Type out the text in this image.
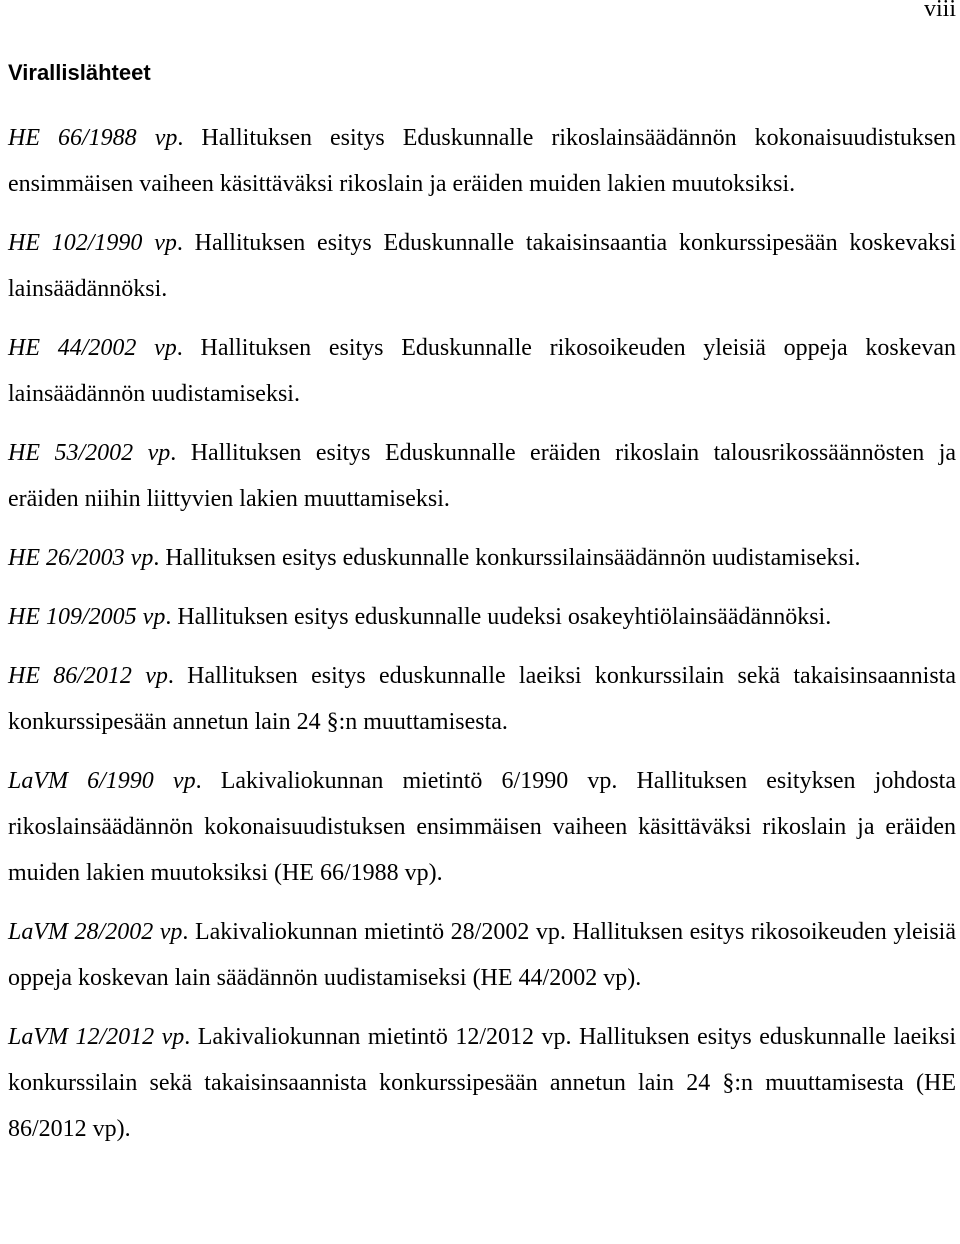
viii
Virallislähteet
HE 66/1988 vp. Hallituksen esitys Eduskunnalle rikoslainsäädännön kokonaisuudistuksen ensimmäisen vaiheen käsittäväksi rikoslain ja eräiden muiden lakien muutoksiksi.
HE 102/1990 vp. Hallituksen esitys Eduskunnalle takaisinsaantia konkurssipesään koskevaksi lainsäädännöksi.
HE 44/2002 vp. Hallituksen esitys Eduskunnalle rikosoikeuden yleisiä oppeja koskevan lainsäädännön uudistamiseksi.
HE 53/2002 vp. Hallituksen esitys Eduskunnalle eräiden rikoslain talousrikossäännösten ja eräiden niihin liittyvien lakien muuttamiseksi.
HE 26/2003 vp. Hallituksen esitys eduskunnalle konkurssilainsäädännön uudistamiseksi.
HE 109/2005 vp. Hallituksen esitys eduskunnalle uudeksi osakeyhtiölainsäädännöksi.
HE 86/2012 vp. Hallituksen esitys eduskunnalle laeiksi konkurssilain sekä takaisinsaannista konkurssipesään annetun lain 24 §:n muuttamisesta.
LaVM 6/1990 vp. Lakivaliokunnan mietintö 6/1990 vp. Hallituksen esityksen johdosta rikoslainsäädännön kokonaisuudistuksen ensimmäisen vaiheen käsittäväksi rikoslain ja eräiden muiden lakien muutoksiksi (HE 66/1988 vp).
LaVM 28/2002 vp. Lakivaliokunnan mietintö 28/2002 vp. Hallituksen esitys rikosoikeuden yleisiä oppeja koskevan lain säädännön uudistamiseksi (HE 44/2002 vp).
LaVM 12/2012 vp. Lakivaliokunnan mietintö 12/2012 vp. Hallituksen esitys eduskunnalle laeiksi konkurssilain sekä takaisinsaannista konkurssipesään annetun lain 24 §:n muuttamisesta (HE 86/2012 vp).
